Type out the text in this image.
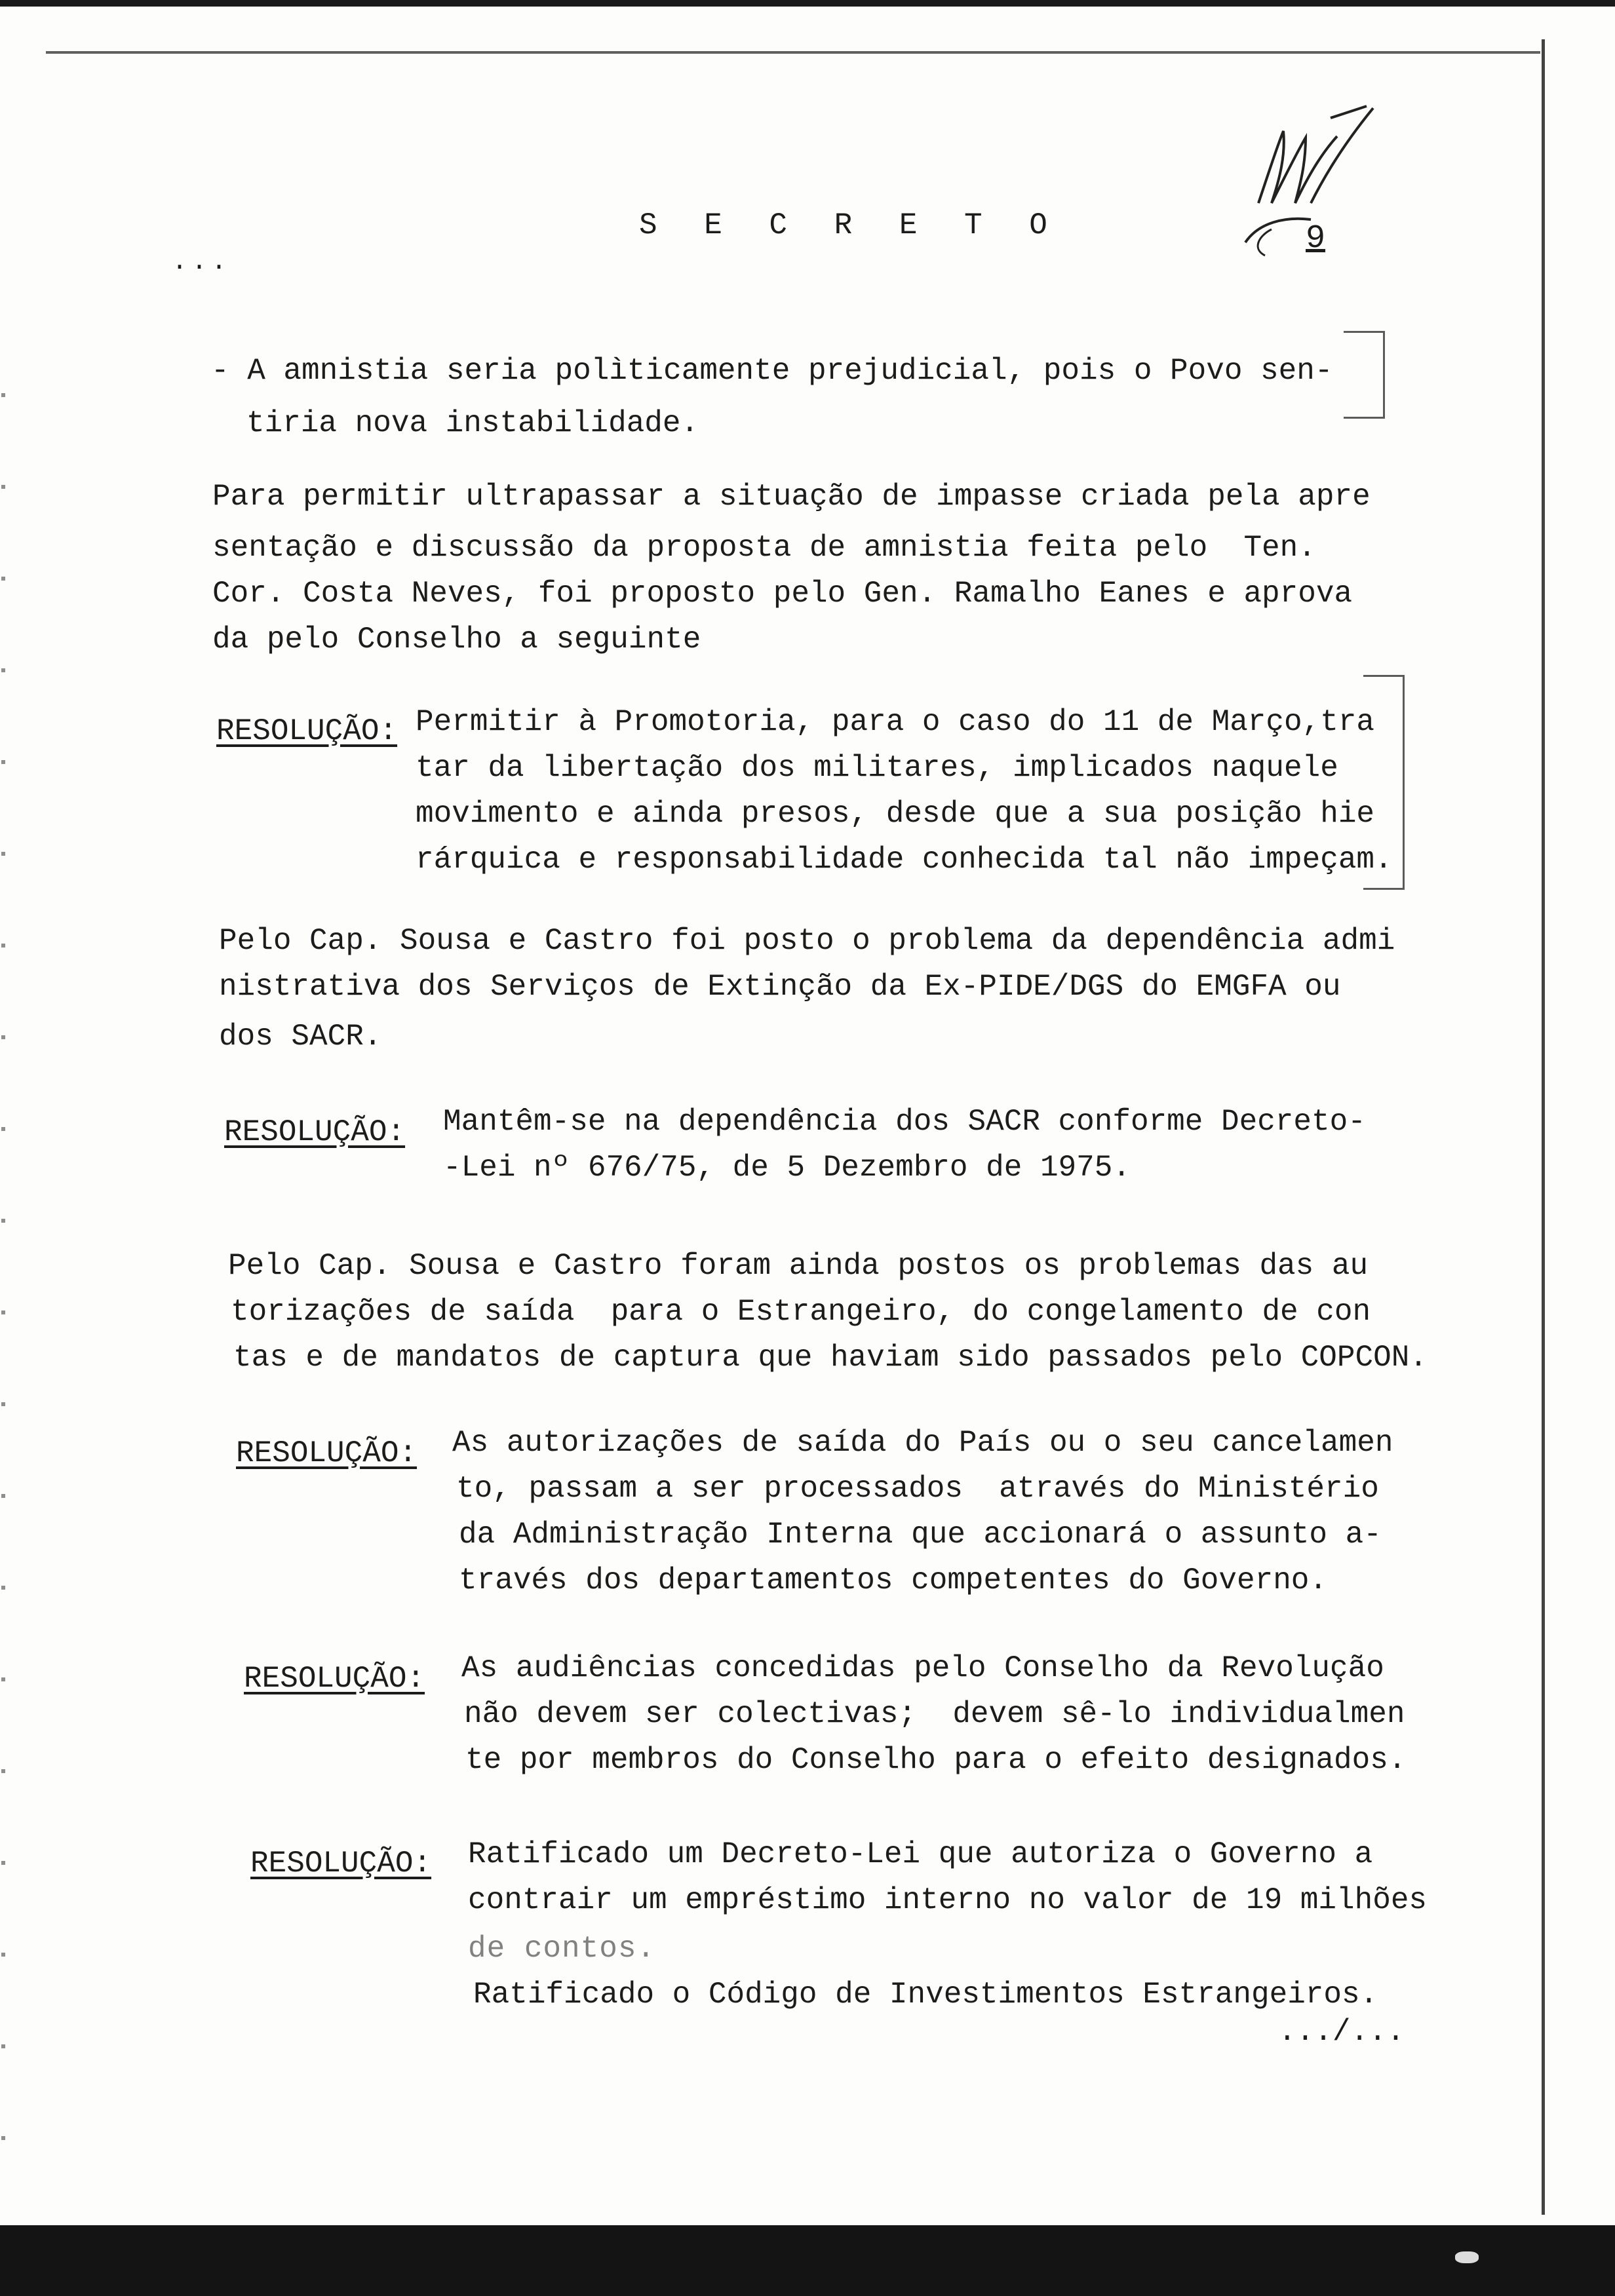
S E C R E T O
...
9
- A amnistia seria polìticamente prejudicial, pois o Povo sen-
tiria nova instabilidade.
Para permitir ultrapassar a situação de impasse criada pela apre
sentação e discussão da proposta de amnistia feita pelo  Ten.
Cor. Costa Neves, foi proposto pelo Gen. Ramalho Eanes e aprova
da pelo Conselho a seguinte
RESOLUÇÃO: Permitir à Promotoria, para o caso do 11 de Março,tra
tar da libertação dos militares, implicados naquele
movimento e ainda presos, desde que a sua posição hie
rárquica e responsabilidade conhecida tal não impeçam.
Pelo Cap. Sousa e Castro foi posto o problema da dependência admi
nistrativa dos Serviços de Extinção da Ex-PIDE/DGS do EMGFA ou
dos SACR.
RESOLUÇÃO: Mantêm-se na dependência dos SACR conforme Decreto-
-Lei nº 676/75, de 5 Dezembro de 1975.
Pelo Cap. Sousa e Castro foram ainda postos os problemas das au
torizações de saída  para o Estrangeiro, do congelamento de con
tas e de mandatos de captura que haviam sido passados pelo COPCON.
RESOLUÇÃO: As autorizações de saída do País ou o seu cancelamen
to, passam a ser processados  através do Ministério
da Administração Interna que accionará o assunto a-
través dos departamentos competentes do Governo.
RESOLUÇÃO: As audiências concedidas pelo Conselho da Revolução
não devem ser colectivas;  devem sê-lo individualmen
te por membros do Conselho para o efeito designados.
RESOLUÇÃO: Ratificado um Decreto-Lei que autoriza o Governo a
contrair um empréstimo interno no valor de 19 milhões
de contos.
Ratificado o Código de Investimentos Estrangeiros.
.../...
